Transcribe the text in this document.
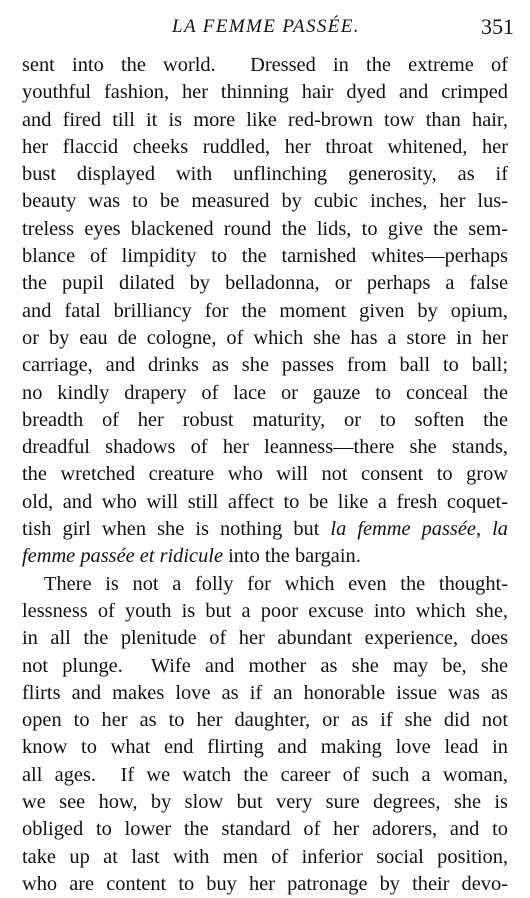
LA FEMME PASSÉE.	351
sent into the world.  Dressed in the extreme of
youthful fashion, her thinning hair dyed and crimped
and fired till it is more like red-brown tow than hair,
her flaccid cheeks ruddled, her throat whitened, her
bust displayed with unflinching generosity, as if
beauty was to be measured by cubic inches, her lus-
treless eyes blackened round the lids, to give the sem-
blance of limpidity to the tarnished whites—perhaps
the pupil dilated by belladonna, or perhaps a false
and fatal brilliancy for the moment given by opium,
or by eau de cologne, of which she has a store in her
carriage, and drinks as she passes from ball to ball;
no kindly drapery of lace or gauze to conceal the
breadth of her robust maturity, or to soften the
dreadful shadows of her leanness—there she stands,
the wretched creature who will not consent to grow
old, and who will still affect to be like a fresh coquet-
tish girl when she is nothing but la femme passée, la
femme passée et ridicule into the bargain.
There is not a folly for which even the thought-
lessness of youth is but a poor excuse into which she,
in all the plenitude of her abundant experience, does
not plunge.  Wife and mother as she may be, she
flirts and makes love as if an honorable issue was as
open to her as to her daughter, or as if she did not
know to what end flirting and making love lead in
all ages.  If we watch the career of such a woman,
we see how, by slow but very sure degrees, she is
obliged to lower the standard of her adorers, and to
take up at last with men of inferior social position,
who are content to buy her patronage by their devo-
